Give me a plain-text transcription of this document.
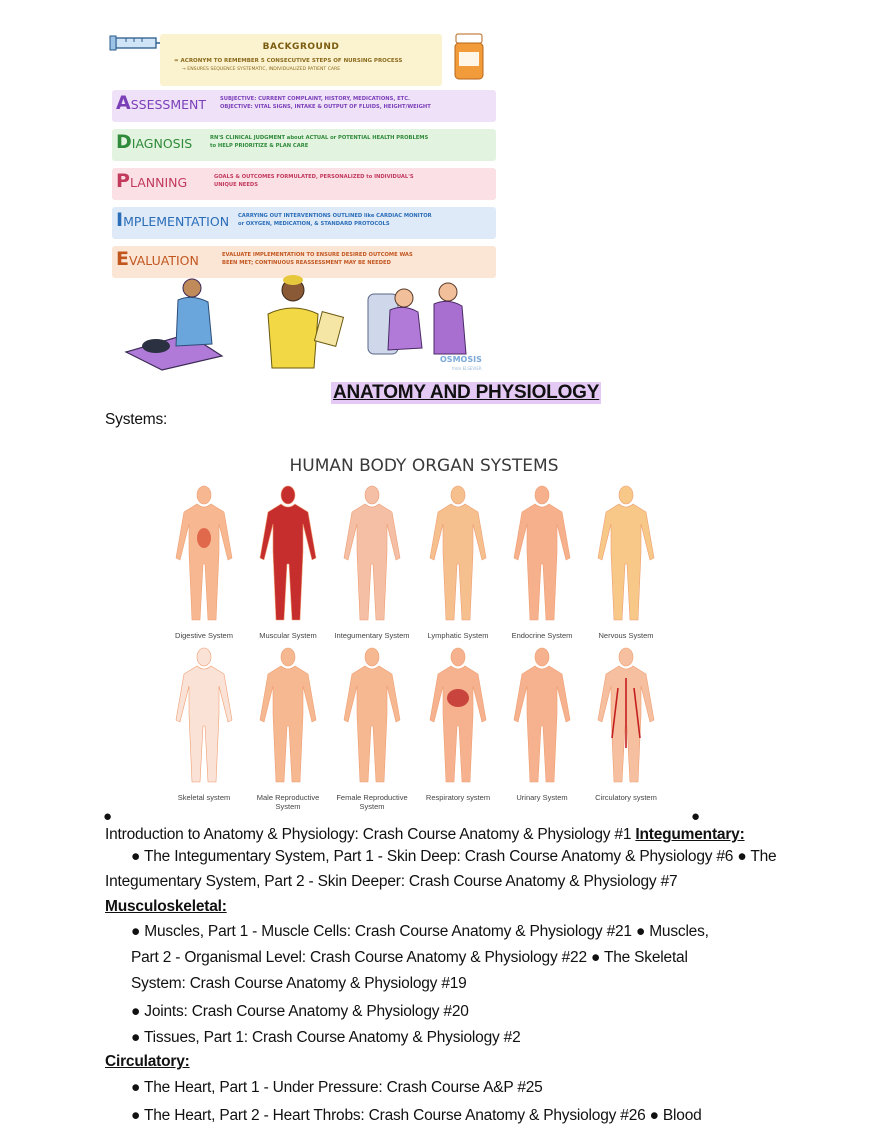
BACKGROUND
= ACRONYM TO REMEMBER 5 CONSECUTIVE STEPS OF NURSING PROCESS
→ ENSURES SEQUENCE SYSTEMATIC, INDIVIDUALIZED PATIENT CARE
ASSESSMENT	SUBJECTIVE: CURRENT COMPLAINT, HISTORY, MEDICATIONS, ETC.
OBJECTIVE: VITAL SIGNS, INTAKE & OUTPUT OF FLUIDS, HEIGHT/WEIGHT
DIAGNOSIS	RN'S CLINICAL JUDGMENT about ACTUAL or POTENTIAL HEALTH PROBLEMS
to HELP PRIORITIZE & PLAN CARE
PLANNING	GOALS & OUTCOMES FORMULATED, PERSONALIZED to INDIVIDUAL'S
UNIQUE NEEDS
IMPLEMENTATION CARRYING OUT INTERVENTIONS OUTLINED like CARDIAC MONITOR
or OXYGEN, MEDICATION, & STANDARD PROTOCOLS
EVALUATION	EVALUATE IMPLEMENTATION TO ENSURE DESIRED OUTCOME WAS
BEEN MET; CONTINUOUS REASSESSMENT MAY BE NEEDED
OSMOSIS
from ELSEVIER
ANATOMY AND PHYSIOLOGY
Systems:
HUMAN BODY ORGAN SYSTEMS
Digestive System	Muscular System Integumentary System Lymphatic System	Endocrine System	Nervous System
Skeletal system	Male Reproductive
System
Female Reproductive
System
Respiratory system	Urinary System	Circulatory system
●	●
Introduction to Anatomy & Physiology: Crash Course Anatomy & Physiology #1 Integumentary:
● The Integumentary System, Part 1 - Skin Deep: Crash Course Anatomy & Physiology #6 ● The
Integumentary System, Part 2 - Skin Deeper: Crash Course Anatomy & Physiology #7
Musculoskeletal:
● Muscles, Part 1 - Muscle Cells: Crash Course Anatomy & Physiology #21 ● Muscles,
Part 2 - Organismal Level: Crash Course Anatomy & Physiology #22 ● The Skeletal
System: Crash Course Anatomy & Physiology #19
● Joints: Crash Course Anatomy & Physiology #20
● Tissues, Part 1: Crash Course Anatomy & Physiology #2
Circulatory:
● The Heart, Part 1 - Under Pressure: Crash Course A&P #25
● The Heart, Part 2 - Heart Throbs: Crash Course Anatomy & Physiology #26 ● Blood
